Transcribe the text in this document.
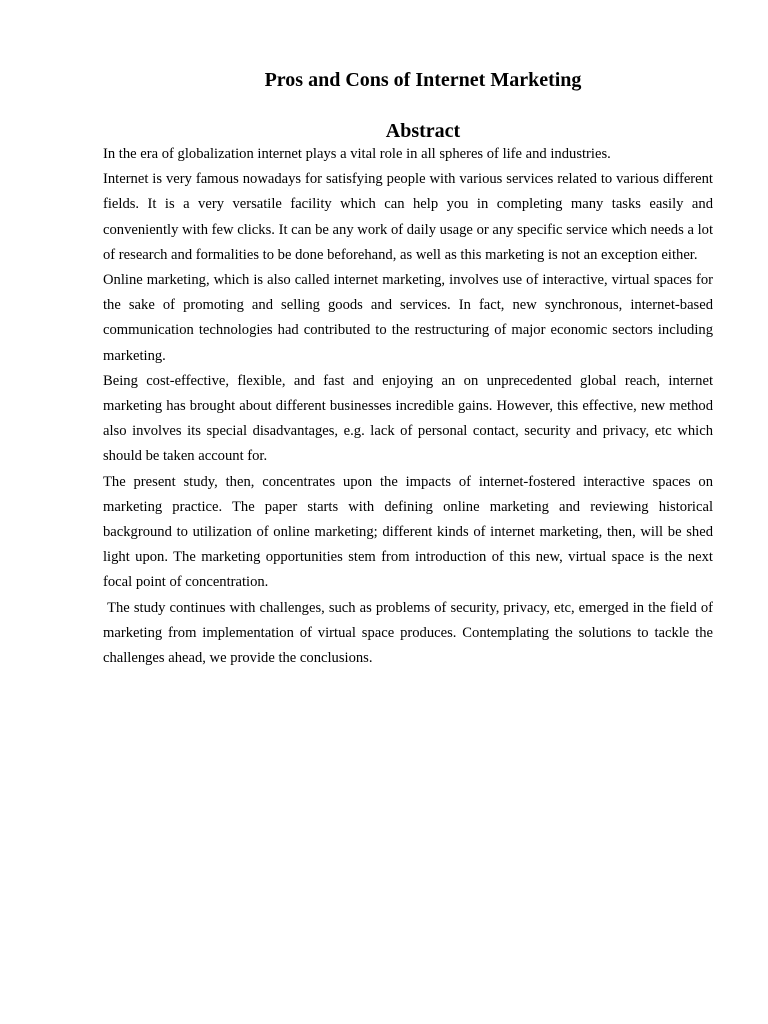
Pros and Cons of Internet Marketing
Abstract

In the era of globalization internet plays a vital role in all spheres of life and industries.

Internet is very famous nowadays for satisfying people with various services related to various different fields. It is a very versatile facility which can help you in completing many tasks easily and conveniently with few clicks. It can be any work of daily usage or any specific service which needs a lot of research and formalities to be done beforehand, as well as this marketing is not an exception either.

Online marketing, which is also called internet marketing, involves use of interactive, virtual spaces for the sake of promoting and selling goods and services. In fact, new synchronous, internet-based communication technologies had contributed to the restructuring of major economic sectors including marketing.

Being cost-effective, flexible, and fast and enjoying an on unprecedented global reach, internet marketing has brought about different businesses incredible gains. However, this effective, new method also involves its special disadvantages, e.g. lack of personal contact, security and privacy, etc which should be taken account for.

The present study, then, concentrates upon the impacts of internet-fostered interactive spaces on marketing practice. The paper starts with defining online marketing and reviewing historical background to utilization of online marketing; different kinds of internet marketing, then, will be shed light upon. The marketing opportunities stem from introduction of this new, virtual space is the next focal point of concentration.

The study continues with challenges, such as problems of security, privacy, etc, emerged in the field of marketing from implementation of virtual space produces. Contemplating the solutions to tackle the challenges ahead, we provide the conclusions.
